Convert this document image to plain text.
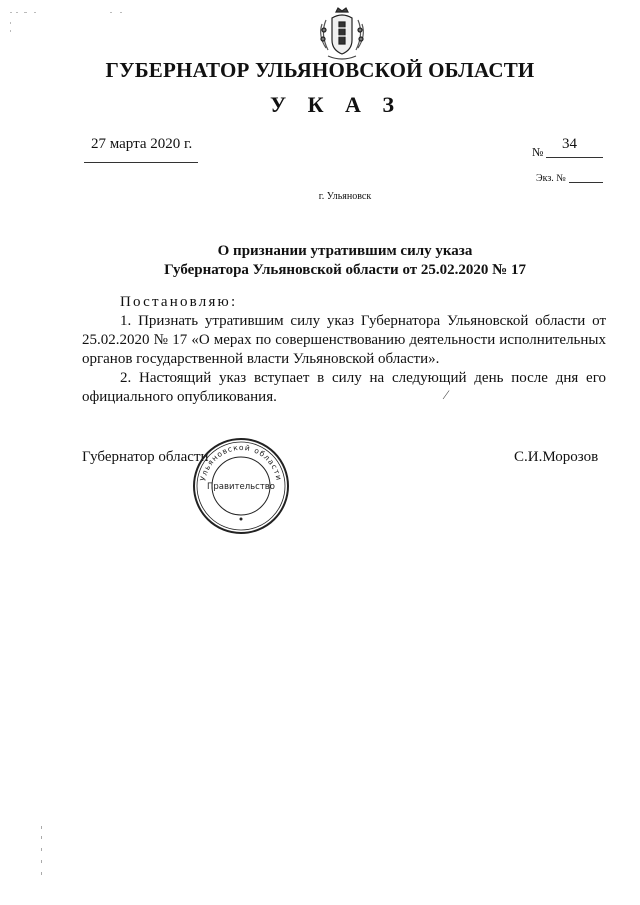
ГУБЕРНАТОР УЛЬЯНОВСКОЙ ОБЛАСТИ
У К А З
27 марта 2020 г.	№ 34
Экз. №
г. Ульяновск
О признании утратившим силу указа
Губернатора Ульяновской области от 25.02.2020 № 17

Постановляю:

1. Признать утратившим силу указ Губернатора Ульяновской области от 25.02.2020 № 17 «О мерах по совершенствованию деятельности исполнительных органов государственной власти Ульяновской области».

2. Настоящий указ вступает в силу на следующий день после дня его официального опубликования.	⁄
Губернатор области	С.И.Морозов
Ульяновской области
Правительство
